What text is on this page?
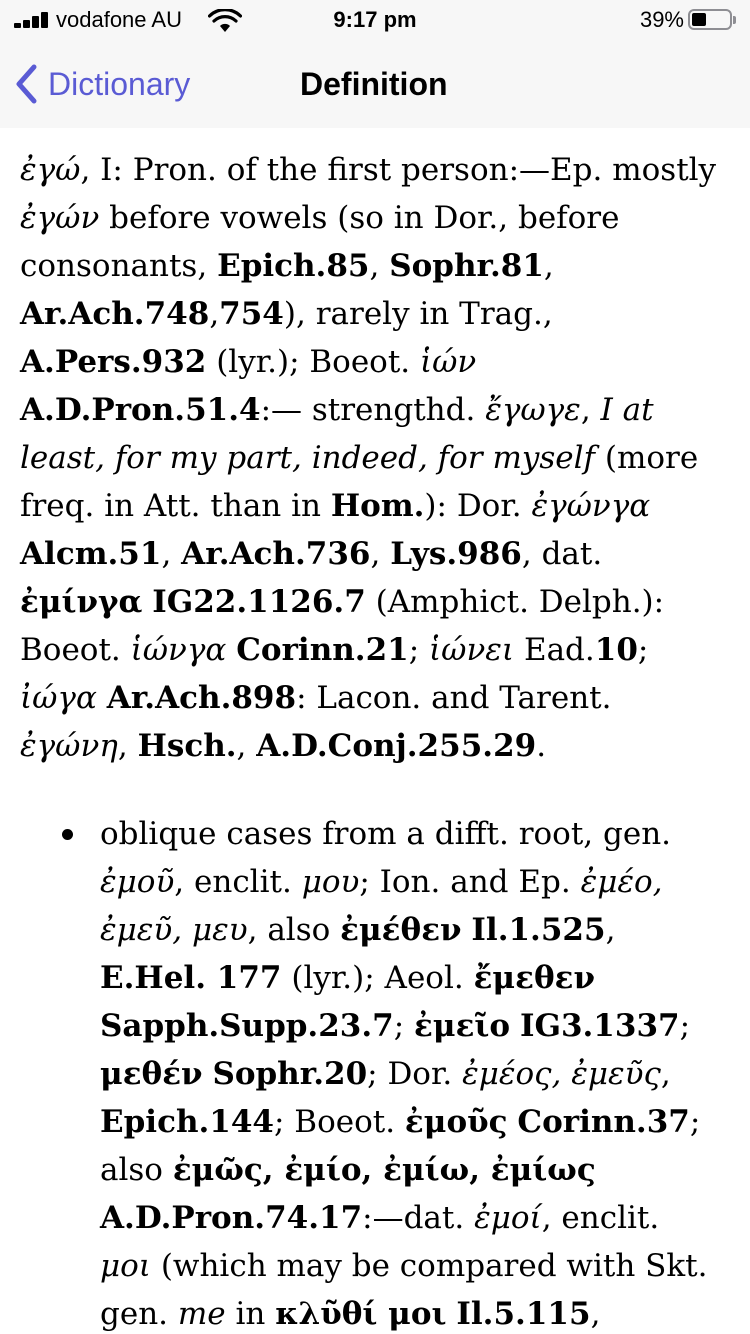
vodafone AU	9:17 pm	39%
Dictionary	Definition

ἐγώ, I: Pron. of the first person:—Ep. mostly ἐγών before vowels (so in Dor., before consonants, Epich.85, Sophr.81, Ar.Ach.748,754), rarely in Trag., A.Pers.932 (lyr.); Boeot. ἱών A.D.Pron.51.4:— strengthd. ἔγωγε, I at least, for my part, indeed, for myself (more freq. in Att. than in Hom.): Dor. ἐγώνγα Alcm.51, Ar.Ach.736, Lys.986, dat. ἐμίνγα IG22.1126.7 (Amphict. Delph.): Boeot. ἱώνγα Corinn.21; ἱώνει Ead.10; ἰώγα Ar.Ach.898: Lacon. and Tarent. ἐγώνη, Hsch., A.D.Conj.255.29.

oblique cases from a difft. root, gen. ἐμοῦ, enclit. μου; Ion. and Ep. ἐμέο, ἐμεῦ, μευ, also ἐμέθεν Il.1.525, E.Hel. 177 (lyr.); Aeol. ἔμεθεν Sapph.Supp.23.7; ἐμεῖο IG3.1337; μεθέν Sophr.20; Dor. ἐμέος, ἐμεῦς, Epich.144; Boeot. ἐμοῦς Corinn.37; also ἐμῶς, ἐμίο, ἐμίω, ἐμίως A.D.Pron.74.17:—dat. ἐμοί, enclit. μοι (which may be compared with Skt. gen. me in κλῦθί μοι Il.5.115,
